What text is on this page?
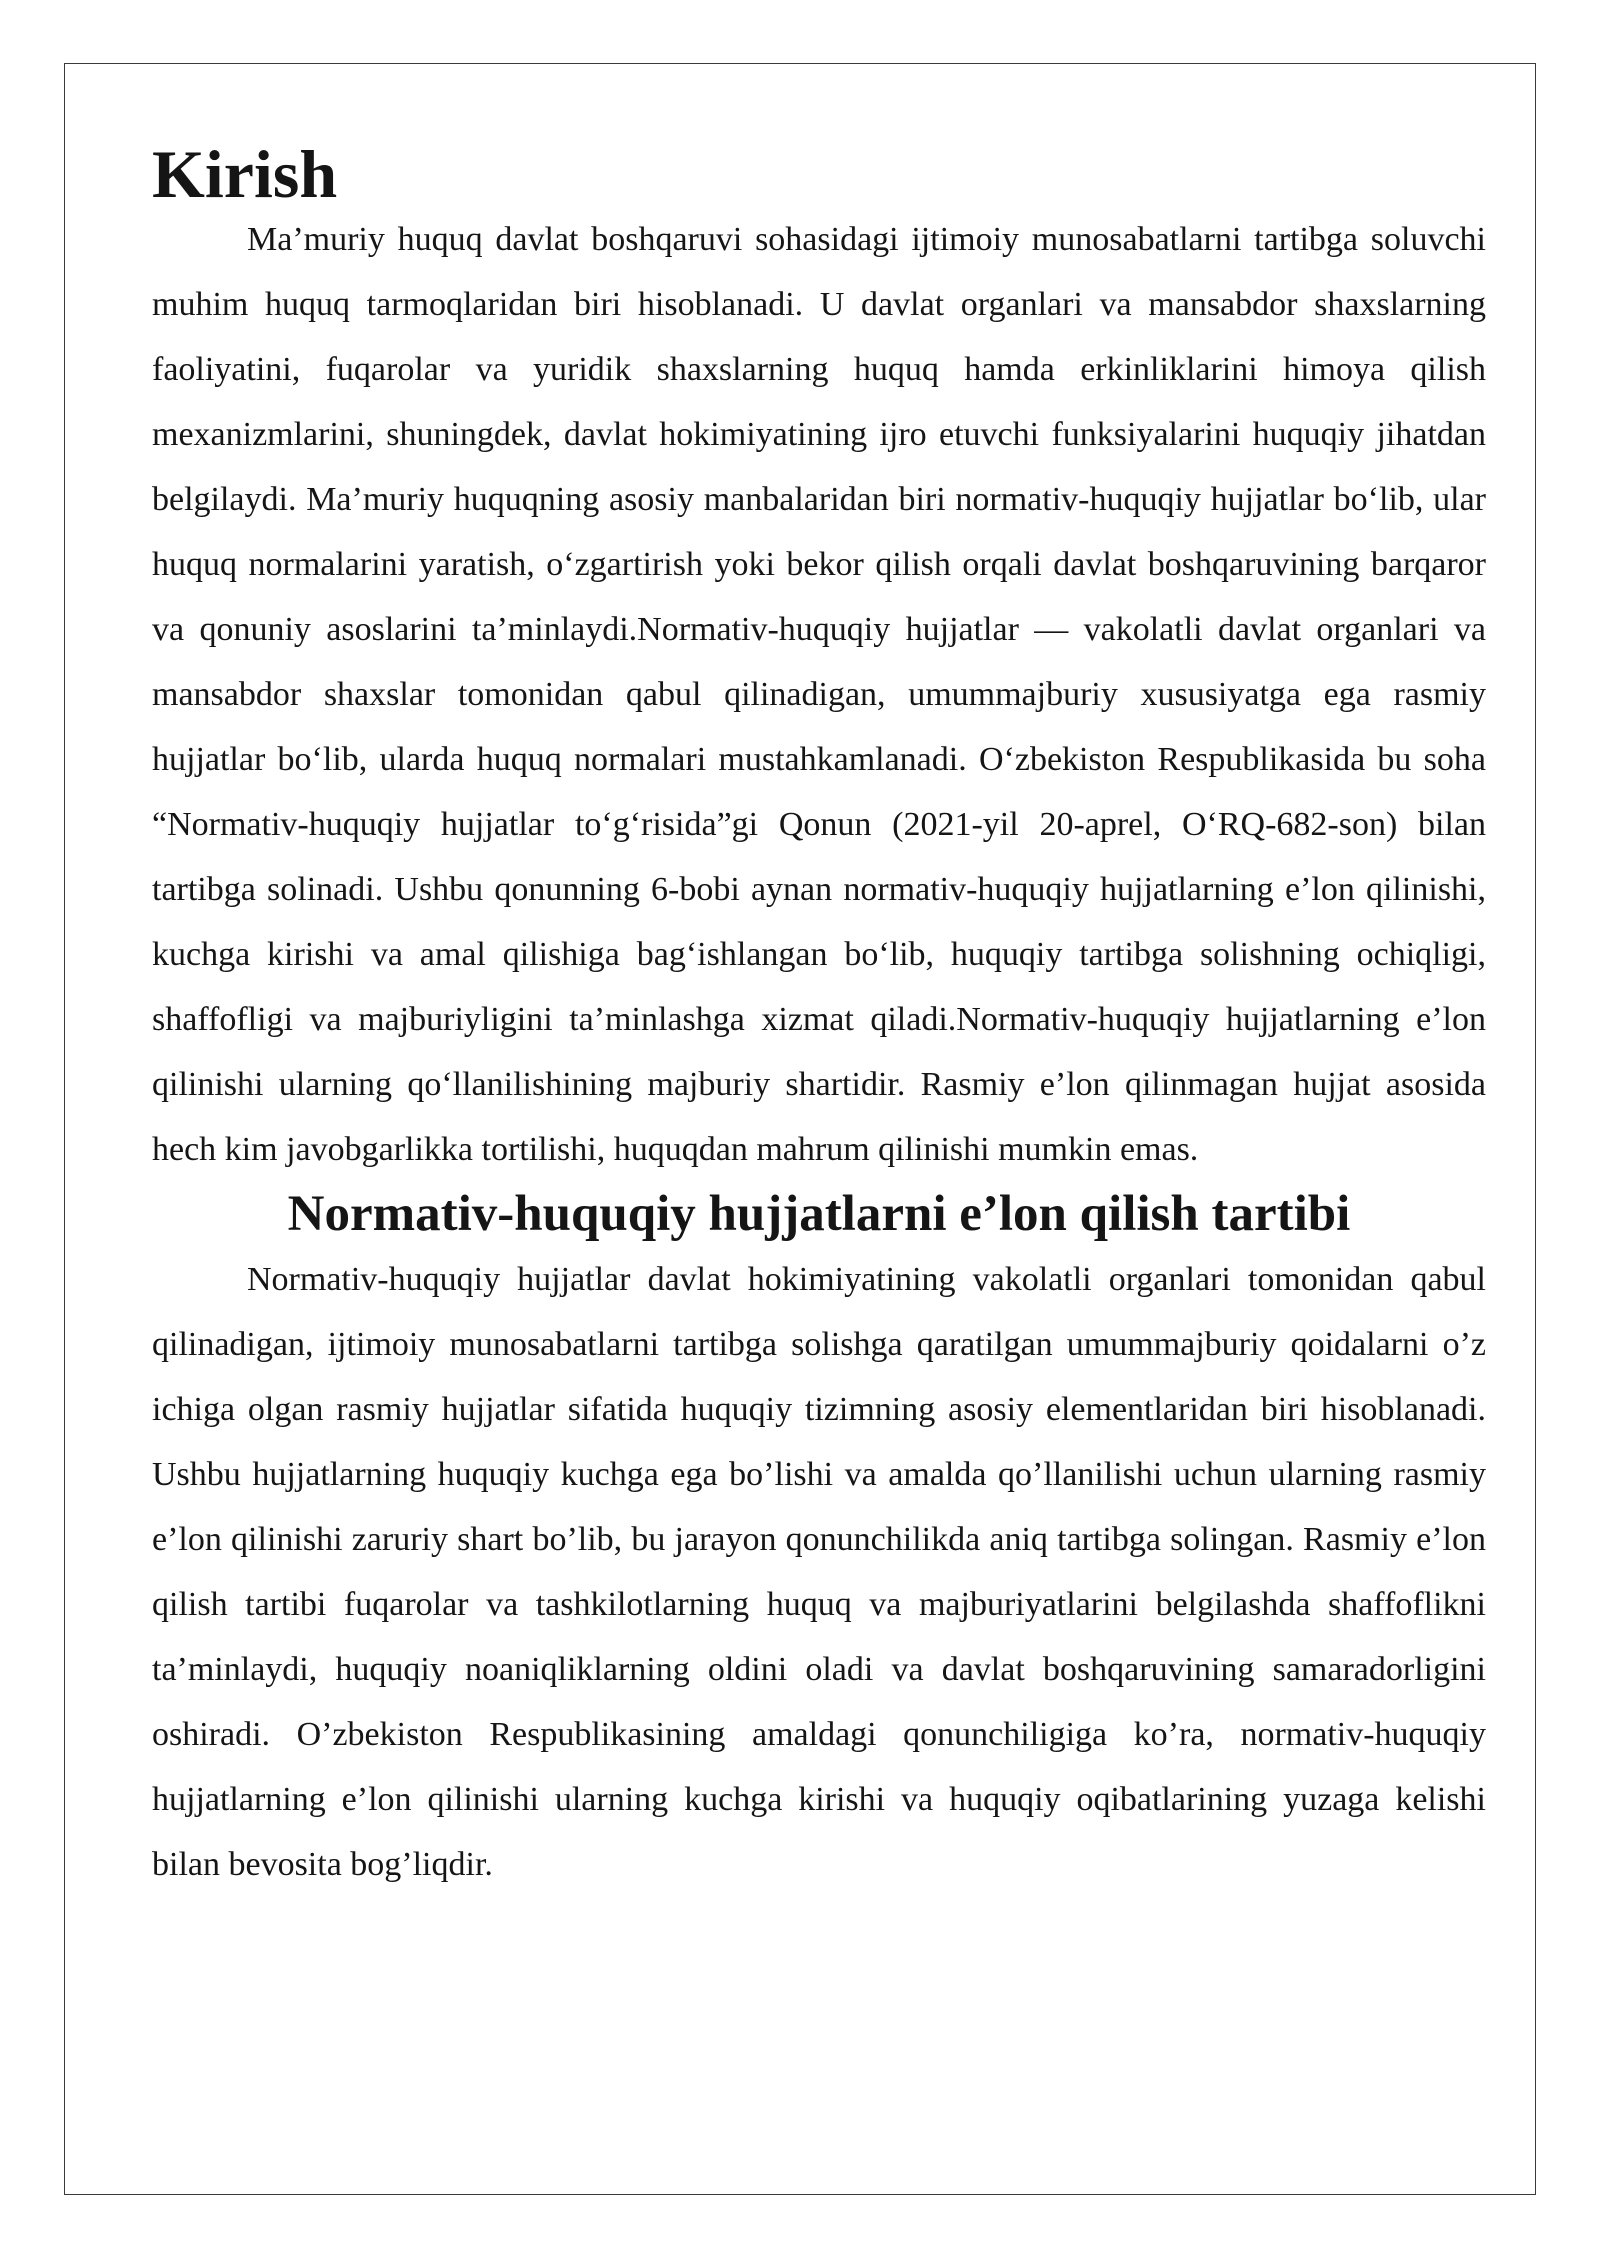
Kirish

Ma’muriy huquq davlat boshqaruvi sohasidagi ijtimoiy munosabatlarni tartibga soluvchi muhim huquq tarmoqlaridan biri hisoblanadi. U davlat organlari va mansabdor shaxslarning faoliyatini, fuqarolar va yuridik shaxslarning huquq hamda erkinliklarini himoya qilish mexanizmlarini, shuningdek, davlat hokimiyatining ijro etuvchi funksiyalarini huquqiy jihatdan belgilaydi. Ma’muriy huquqning asosiy manbalaridan biri normativ-huquqiy hujjatlar bo‘lib, ular huquq normalarini yaratish, o‘zgartirish yoki bekor qilish orqali davlat boshqaruvining barqaror va qonuniy asoslarini ta’minlaydi.Normativ-huquqiy hujjatlar — vakolatli davlat organlari va mansabdor shaxslar tomonidan qabul qilinadigan, umummajburiy xususiyatga ega rasmiy hujjatlar bo‘lib, ularda huquq normalari mustahkamlanadi. O‘zbekiston Respublikasida bu soha “Normativ-huquqiy hujjatlar to‘g‘risida”gi Qonun (2021-yil 20-aprel, O‘RQ-682-son) bilan tartibga solinadi. Ushbu qonunning 6-bobi aynan normativ-huquqiy hujjatlarning e’lon qilinishi, kuchga kirishi va amal qilishiga bag‘ishlangan bo‘lib, huquqiy tartibga solishning ochiqligi, shaffofligi va majburiyligini ta’minlashga xizmat qiladi.Normativ-huquqiy hujjatlarning e’lon qilinishi ularning qo‘llanilishining majburiy shartidir. Rasmiy e’lon qilinmagan hujjat asosida hech kim javobgarlikka tortilishi, huquqdan mahrum qilinishi mumkin emas.

Normativ-huquqiy hujjatlarni e’lon qilish tartibi

Normativ-huquqiy hujjatlar davlat hokimiyatining vakolatli organlari tomonidan qabul qilinadigan, ijtimoiy munosabatlarni tartibga solishga qaratilgan umummajburiy qoidalarni o’z ichiga olgan rasmiy hujjatlar sifatida huquqiy tizimning asosiy elementlaridan biri hisoblanadi. Ushbu hujjatlarning huquqiy kuchga ega bo’lishi va amalda qo’llanilishi uchun ularning rasmiy e’lon qilinishi zaruriy shart bo’lib, bu jarayon qonunchilikda aniq tartibga solingan. Rasmiy e’lon qilish tartibi fuqarolar va tashkilotlarning huquq va majburiyatlarini belgilashda shaffoflikni ta’minlaydi, huquqiy noaniqliklarning oldini oladi va davlat boshqaruvining samaradorligini oshiradi. O’zbekiston Respublikasining amaldagi qonunchiligiga ko’ra, normativ-huquqiy hujjatlarning e’lon qilinishi ularning kuchga kirishi va huquqiy oqibatlarining yuzaga kelishi bilan bevosita bog’liqdir.
